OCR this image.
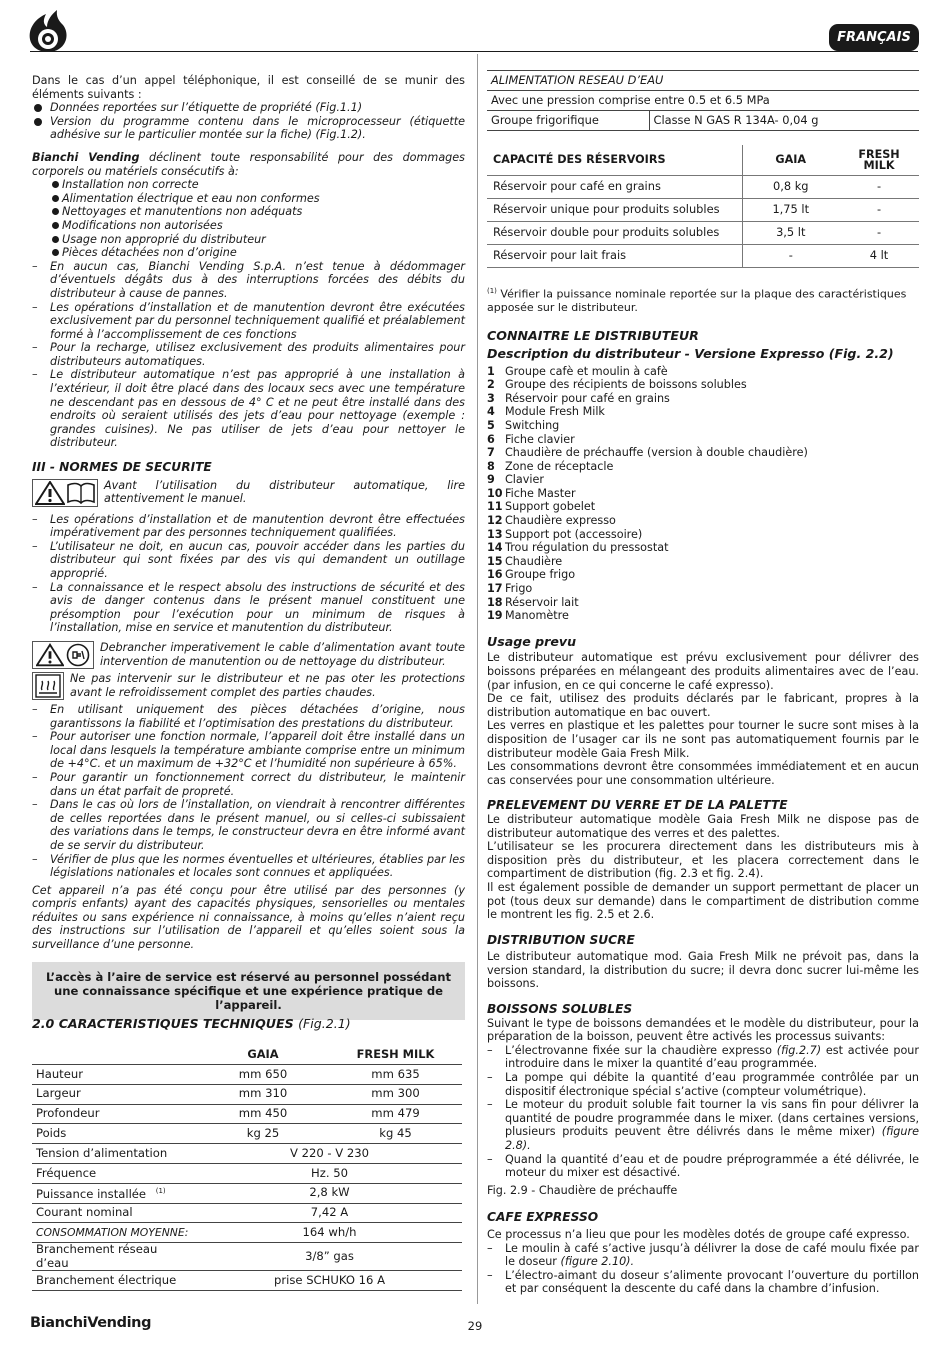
FRANÇAIS

Dans le cas d’un appel téléphonique, il est conseillé de se munir des éléments suivants :

Données reportées sur l’étiquette de propriété (Fig.1.1)
Version du programme contenu dans le microprocesseur (étiquette adhésive sur le particulier montée sur la fiche) (Fig.1.2).

Bianchi Vending déclinent toute responsabilité pour des dommages corporels ou matériels consécutifs à:

Installation non correcte
Alimentation électrique et eau non conformes
Nettoyages et manutentions non adéquats
Modifications non autorisées
Usage non approprié du distributeur
Pièces détachées non d’origine
– En aucun cas, Bianchi Vending S.p.A. n’est tenue à dédommager d’éventuels dégâts dus à des interruptions forcées des débits du distributeur à cause de pannes.
– Les opérations d’installation et de manutention devront être exécutées exclusivement par du personnel techniquement qualifié et préalablement formé à l’accomplissement de ces fonctions
– Pour la recharge, utilisez exclusivement des produits alimentaires pour distributeurs automatiques.
– Le distributeur automatique n’est pas approprié à une installation à l’extérieur, il doit être placé dans des locaux secs avec une température ne descendant pas en dessous de 4° C et ne peut être installé dans des endroits où seraient utilisés des jets d’eau pour nettoyage (exemple : grandes cuisines). Ne pas utiliser de jets d’eau pour nettoyer le distributeur.
III - NORMES DE SECURITE

Avant l’utilisation du distributeur automatique, lire attentivement le manuel.

– Les opérations d’installation et de manutention devront être effectuées impérativement par des personnes techniquement qualifiées.
– L’utilisateur ne doit, en aucun cas, pouvoir accéder dans les parties du distributeur qui sont fixées par des vis qui demandent un outillage approprié.
– La connaissance et le respect absolu des instructions de sécurité et des avis de danger contenus dans le présent manuel constituent une présomption pour l’exécution pour un minimum de risques à l’installation, mise en service et manutention du distributeur.

Debrancher imperativement le cable d’alimentation avant toute intervention de manutention ou de nettoyage du distributeur.

Ne pas intervenir sur le distributeur et ne pas oter les protections avant le refroidissement complet des parties chaudes.

– En utilisant uniquement des pièces détachées d’origine, nous garantissons la fiabilité et l’optimisation des prestations du distributeur.
– Pour autoriser une fonction normale, l’appareil doit être installé dans un local dans lesquels la température ambiante comprise entre un minimum de +4°C. et un maximum de +32°C et l’humidité non supérieure à 65%.
– Pour garantir un fonctionnement correct du distributeur, le maintenir dans un état parfait de propreté.
– Dans le cas où lors de l’installation, on viendrait à rencontrer différentes de celles reportées dans le présent manuel, ou si celles-ci subissaient des variations dans le temps, le constructeur devra en être informé avant de se servir du distributeur.
– Vérifier de plus que les normes éventuelles et ultérieures, établies par les législations nationales et locales sont connues et appliquées.

Cet appareil n’a pas été conçu pour être utilisé par des personnes (y compris enfants) ayant des capacités physiques, sensorielles ou mentales réduites ou sans expérience ni connaissance, à moins qu’elles n’aient reçu des instructions sur l’utilisation de l’appareil et qu’elles soient sous la surveillance d’une personne.

L’accès à l’aire de service est réservé au personnel possédant une connaissance spécifique et une expérience pratique de l’appareil.
2.0 CARACTERISTIQUES TECHNIQUES (Fig.2.1)
	GAIA	FRESH MILK
Hauteur	mm 650	mm 635
Largeur	mm 310	mm 300
Profondeur	mm 450	mm 479
Poids	kg 25	kg 45
Tension d’alimentation	V 220 - V 230	
Fréquence	Hz. 50	
Puissance installée $^{(1)}$	2,8 kW	
Courant nominal	7,42 A	
CONSOMMATION MOYENNE:	164 wh/h	
Branchement réseau d’eau	3/8” gas	
Branchement électrique	prise SCHUKO 16 A	
ALIMENTATION RESEAU D’EAU
Avec une pression comprise entre 0.5 et 6.5 MPa
Groupe frigorifique	Classe N GAS R 134A- 0,04 g
CAPACITÉ DES RÉSERVOIRS	GAIA	FRESH MILK

Réservoir pour café en grains	0,8 kg	-
Réservoir unique pour produits solubles	1,75 lt	-
Réservoir double pour produits solubles	3,5 lt	-
Réservoir pour lait frais	-	4 lt

$^{(1)}$ Vérifier la puissance nominale reportée sur la plaque des caractéristiques apposée sur le distributeur.

CONNAITRE LE DISTRIBUTEUR
Description du distributeur - Versione Expresso (Fig. 2.2)
1 Groupe cafè et moulin à cafè
2 Groupe des récipients de boissons solubles
3 Réservoir pour café en grains
4 Module Fresh Milk
5 Switching
6 Fiche clavier
7 Chaudière de préchauffe (version à double chaudière)
8 Zone de réceptacle
9 Clavier
10 Fiche Master
11 Support gobelet
12 Chaudière expresso
13 Support pot (accessoire)
14 Trou régulation du pressostat
15 Chaudière
16 Groupe frigo
17 Frigo
18 Réservoir lait
19 Manomètre
Usage prevu

Le distributeur automatique est prévu exclusivement pour délivrer des boissons préparées en mélangeant des produits alimentaires avec de l’eau. (par infusion, en ce qui concerne le café expresso).

De ce fait, utilisez des produits déclarés par le fabricant, propres à la distribution automatique en bac ouvert.

Les verres en plastique et les palettes pour tourner le sucre sont mises à la disposition de l’usager car ils ne sont pas automatiquement fournis par le distributeur modèle Gaia Fresh Milk.

Les consommations devront être consommées immédiatement et en aucun cas conservées pour une consommation ultérieure.

PRELEVEMENT DU VERRE ET DE LA PALETTE

Le distributeur automatique modèle Gaia Fresh Milk ne dispose pas de distributeur automatique des verres et des palettes.

L’utilisateur se les procurera directement dans les distributeurs mis à disposition près du distributeur, et les placera correctement dans le compartiment de distribution (fig. 2.3 et fig. 2.4).

Il est également possible de demander un support permettant de placer un pot (tous deux sur demande) dans le compartiment de distribution comme le montrent les fig. 2.5 et 2.6.

DISTRIBUTION SUCRE

Le distributeur automatique mod. Gaia Fresh Milk ne prévoit pas, dans la version standard, la distribution du sucre; il devra donc sucrer lui-même les boissons.

BOISSONS SOLUBLES

Suivant le type de boissons demandées et le modèle du distributeur, pour la préparation de la boisson, peuvent être activés les processus suivants:

– L’électrovanne fixée sur la chaudière expresso (fig.2.7) est activée pour introduire dans le mixer la quantité d’eau programmée.
– La pompe qui débite la quantité d’eau programmée contrôlée par un dispositif électronique spécial s’active (compteur volumétrique).
– Le moteur du produit soluble fait tourner la vis sans fin pour délivrer la quantité de poudre programmée dans le mixer. (dans certaines versions, plusieurs produits peuvent être délivrés dans le même mixer) (figure 2.8).
– Quand la quantité d’eau et de poudre préprogrammée a été délivrée, le moteur du mixer est désactivé.

Fig. 2.9 - Chaudière de préchauffe

CAFE EXPRESSO

Ce processus n’a lieu que pour les modèles dotés de groupe café expresso.

– Le moulin à café s’active jusqu’à délivrer la dose de café moulu fixée par le doseur (figure 2.10).
– L’électro-aimant du doseur s’alimente provocant l’ouverture du portillon et par conséquent la descente du café dans la chambre d’infusion.
BianchiVending	29
